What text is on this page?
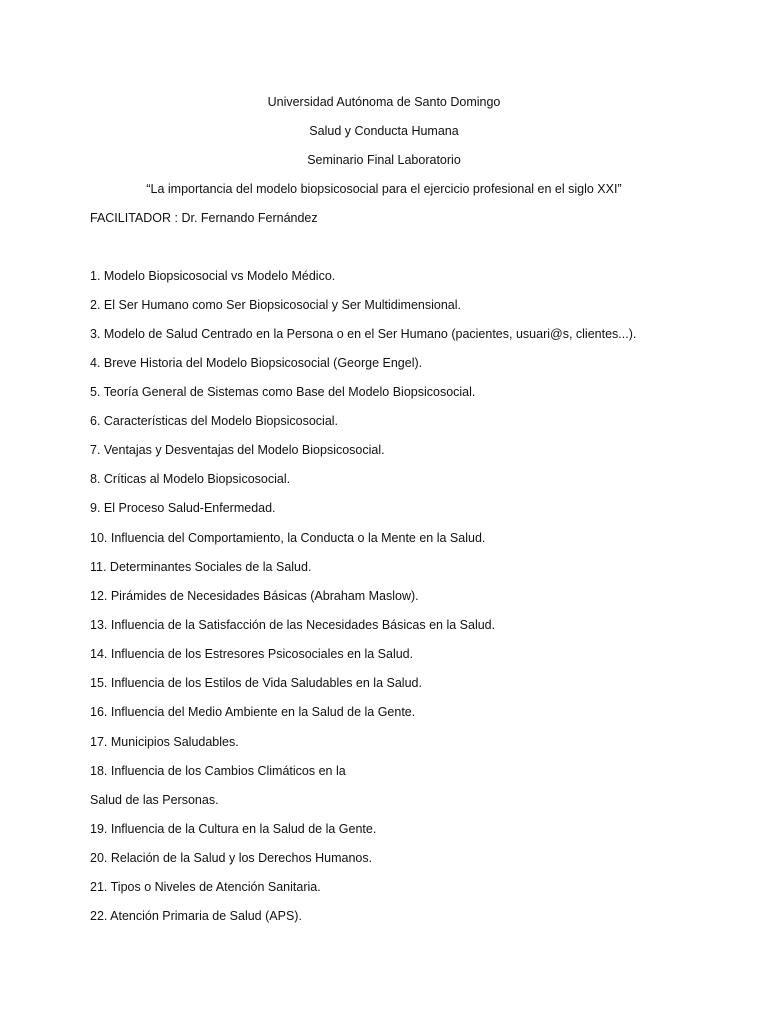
Universidad Autónoma de Santo Domingo
Salud y Conducta Humana
Seminario Final Laboratorio
“La importancia del modelo biopsicosocial para el ejercicio profesional en el siglo XXI”
FACILITADOR : Dr. Fernando Fernández
1. Modelo Biopsicosocial vs Modelo Médico.
2. El Ser Humano como Ser Biopsicosocial y Ser Multidimensional.
3. Modelo de Salud Centrado en la Persona o en el Ser Humano (pacientes, usuari@s, clientes...).
4. Breve Historia del Modelo Biopsicosocial (George Engel).
5. Teoría General de Sistemas como Base del Modelo Biopsicosocial.
6. Características del Modelo Biopsicosocial.
7. Ventajas y Desventajas del Modelo Biopsicosocial.
8. Críticas al Modelo Biopsicosocial.
9. El Proceso Salud-Enfermedad.
10. Influencia del Comportamiento, la Conducta o la Mente en la Salud.
11. Determinantes Sociales de la Salud.
12. Pirámides de Necesidades Básicas (Abraham Maslow).
13. Influencia de la Satisfacción de las Necesidades Básicas en la Salud.
14. Influencia de los Estresores Psicosociales en la Salud.
15. Influencia de los Estilos de Vida Saludables en la Salud.
16. Influencia del Medio Ambiente en la Salud de la Gente.
17. Municipios Saludables.
18. Influencia de los Cambios Climáticos en la
Salud de las Personas.
19. Influencia de la Cultura en la Salud de la Gente.
20. Relación de la Salud y los Derechos Humanos.
21. Tipos o Niveles de Atención Sanitaria.
22. Atención Primaria de Salud (APS).
